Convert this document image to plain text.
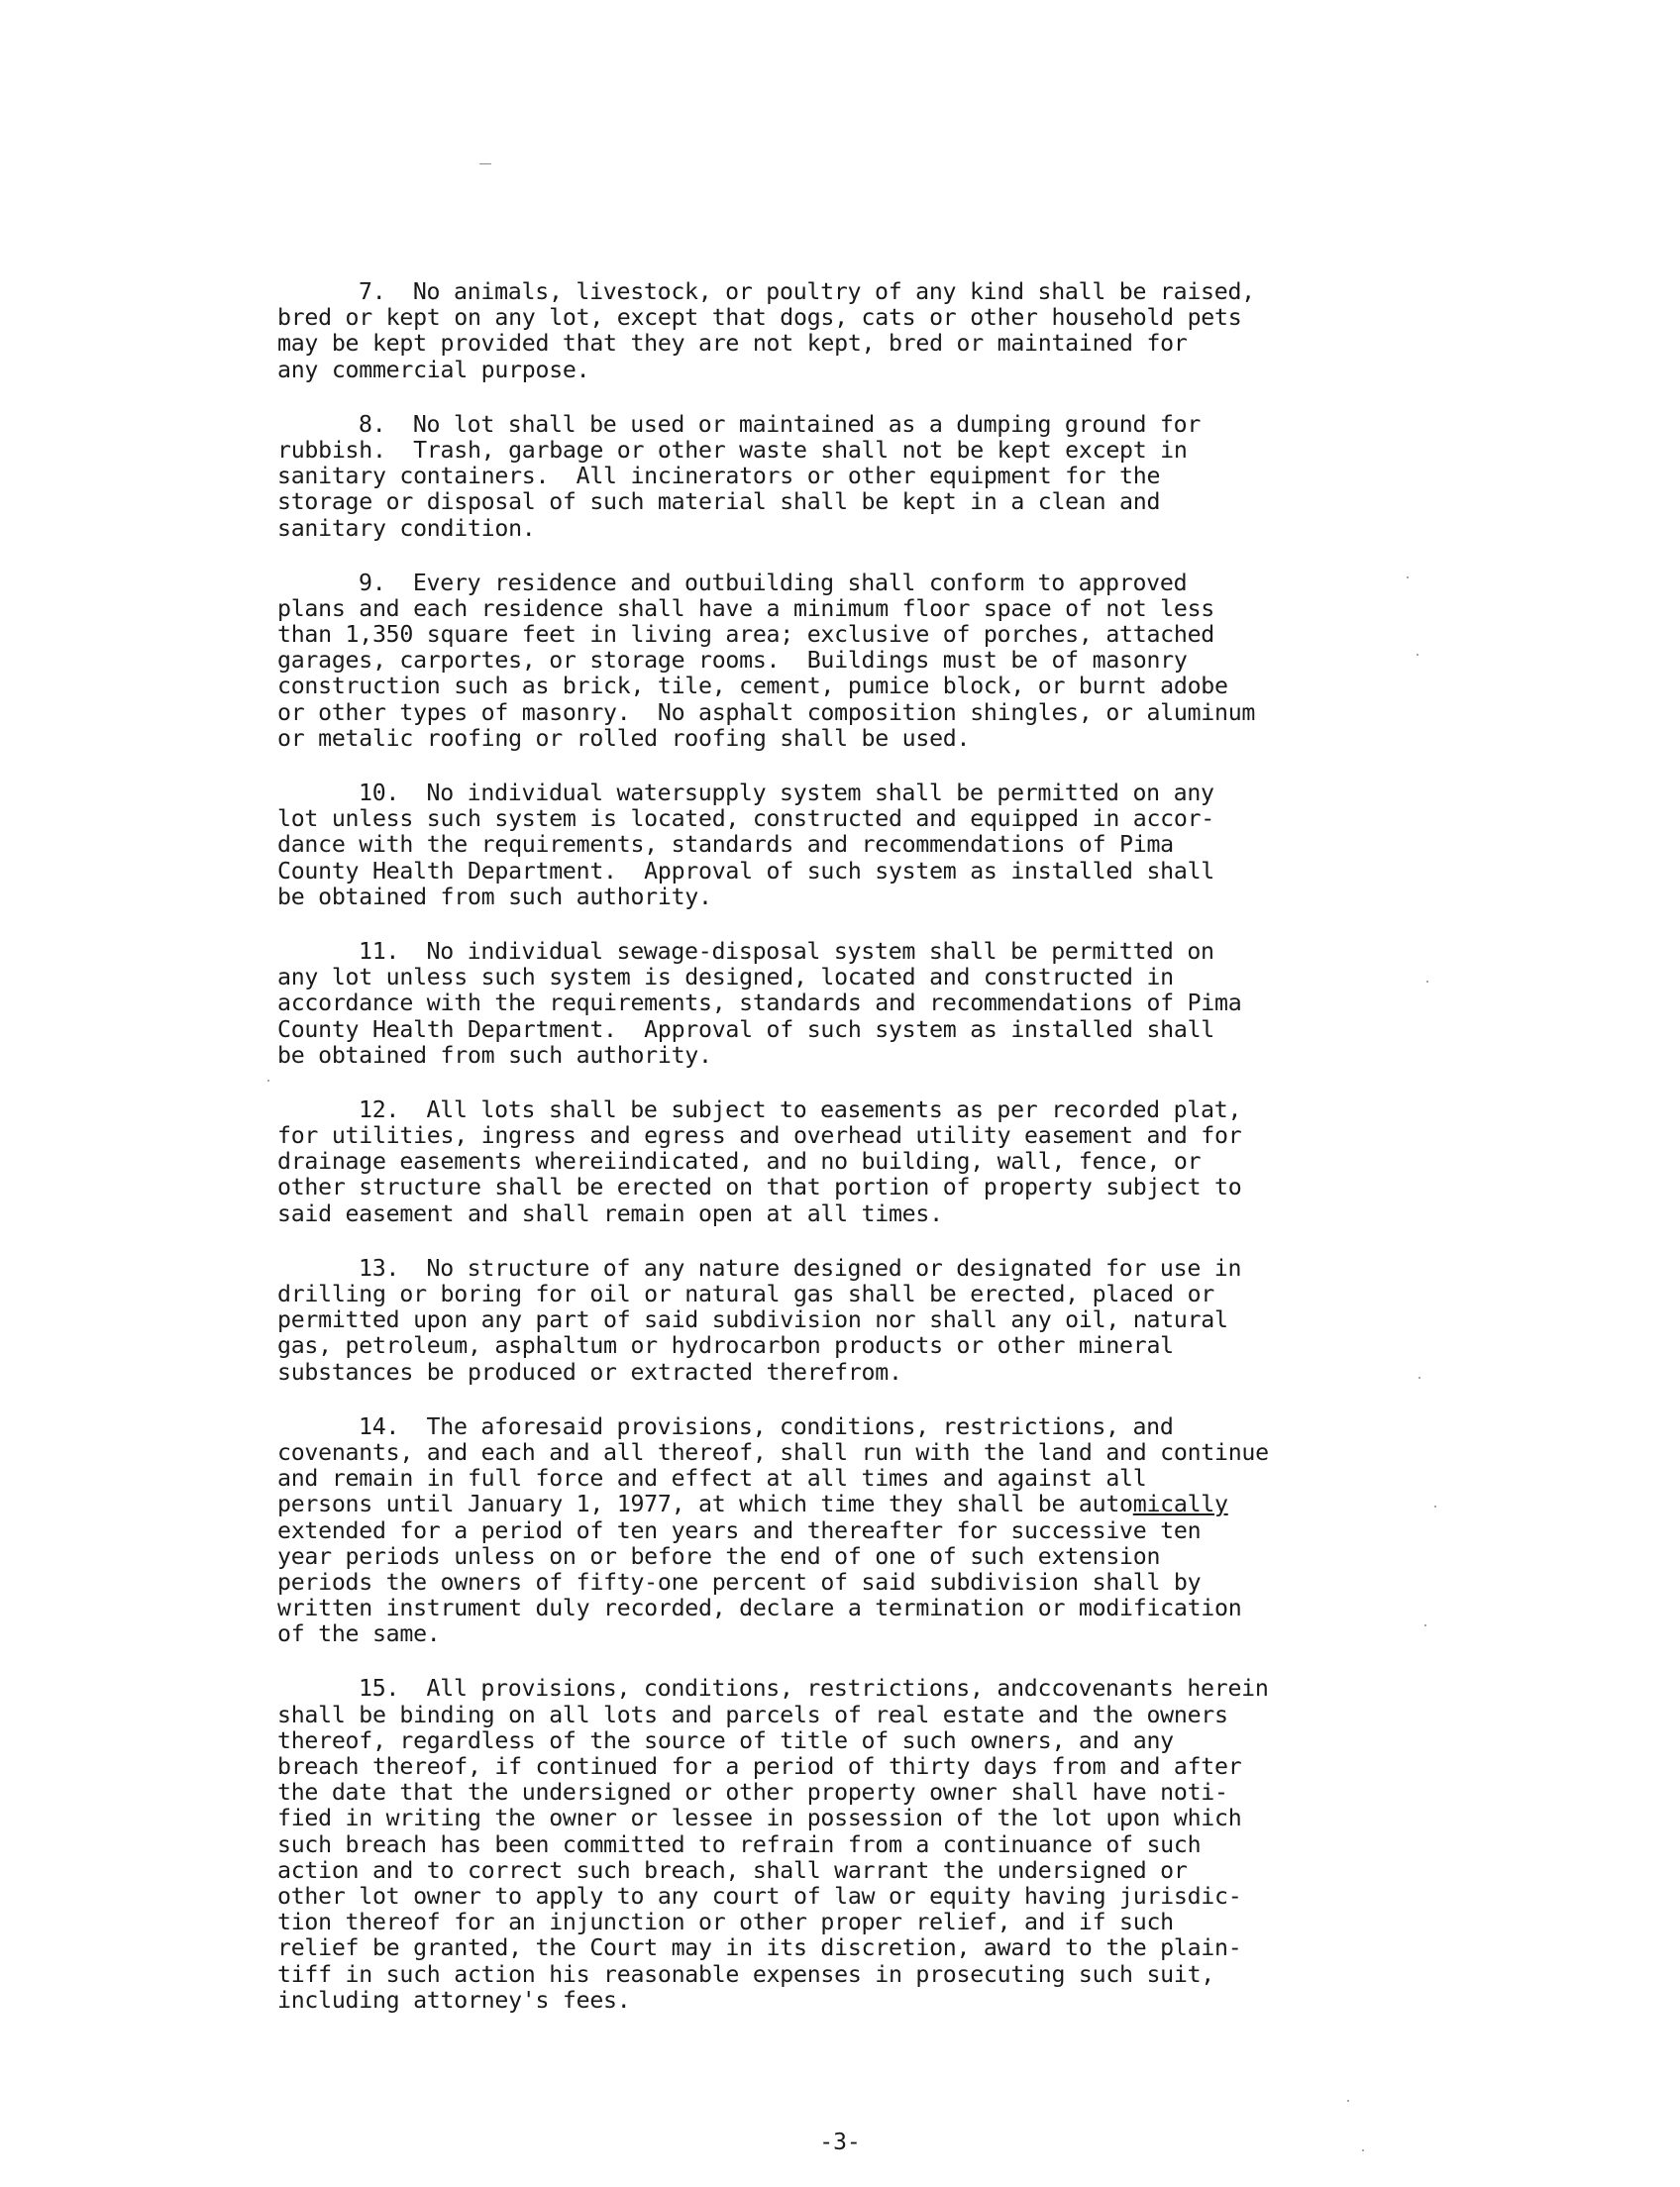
7.  No animals, livestock, or poultry of any kind shall be raised,
bred or kept on any lot, except that dogs, cats or other household pets
may be kept provided that they are not kept, bred or maintained for
any commercial purpose.
8.  No lot shall be used or maintained as a dumping ground for
rubbish.  Trash, garbage or other waste shall not be kept except in
sanitary containers.  All incinerators or other equipment for the
storage or disposal of such material shall be kept in a clean and
sanitary condition.
9.  Every residence and outbuilding shall conform to approved
plans and each residence shall have a minimum floor space of not less
than 1,350 square feet in living area; exclusive of porches, attached
garages, carportes, or storage rooms.  Buildings must be of masonry
construction such as brick, tile, cement, pumice block, or burnt adobe
or other types of masonry.  No asphalt composition shingles, or aluminum
or metalic roofing or rolled roofing shall be used.
10.  No individual watersupply system shall be permitted on any
lot unless such system is located, constructed and equipped in accor-
dance with the requirements, standards and recommendations of Pima
County Health Department.  Approval of such system as installed shall
be obtained from such authority.
11.  No individual sewage-disposal system shall be permitted on
any lot unless such system is designed, located and constructed in
accordance with the requirements, standards and recommendations of Pima
County Health Department.  Approval of such system as installed shall
be obtained from such authority.
12.  All lots shall be subject to easements as per recorded plat,
for utilities, ingress and egress and overhead utility easement and for
drainage easements whereiindicated, and no building, wall, fence, or
other structure shall be erected on that portion of property subject to
said easement and shall remain open at all times.
13.  No structure of any nature designed or designated for use in
drilling or boring for oil or natural gas shall be erected, placed or
permitted upon any part of said subdivision nor shall any oil, natural
gas, petroleum, asphaltum or hydrocarbon products or other mineral
substances be produced or extracted therefrom.
14.  The aforesaid provisions, conditions, restrictions, and
covenants, and each and all thereof, shall run with the land and continue
and remain in full force and effect at all times and against all
persons until January 1, 1977, at which time they shall be automically
extended for a period of ten years and thereafter for successive ten
year periods unless on or before the end of one of such extension
periods the owners of fifty-one percent of said subdivision shall by
written instrument duly recorded, declare a termination or modification
of the same.
15.  All provisions, conditions, restrictions, andccovenants herein
shall be binding on all lots and parcels of real estate and the owners
thereof, regardless of the source of title of such owners, and any
breach thereof, if continued for a period of thirty days from and after
the date that the undersigned or other property owner shall have noti-
fied in writing the owner or lessee in possession of the lot upon which
such breach has been committed to refrain from a continuance of such
action and to correct such breach, shall warrant the undersigned or
other lot owner to apply to any court of law or equity having jurisdic-
tion thereof for an injunction or other proper relief, and if such
relief be granted, the Court may in its discretion, award to the plain-
tiff in such action his reasonable expenses in prosecuting such suit,
including attorney's fees.
-3-
